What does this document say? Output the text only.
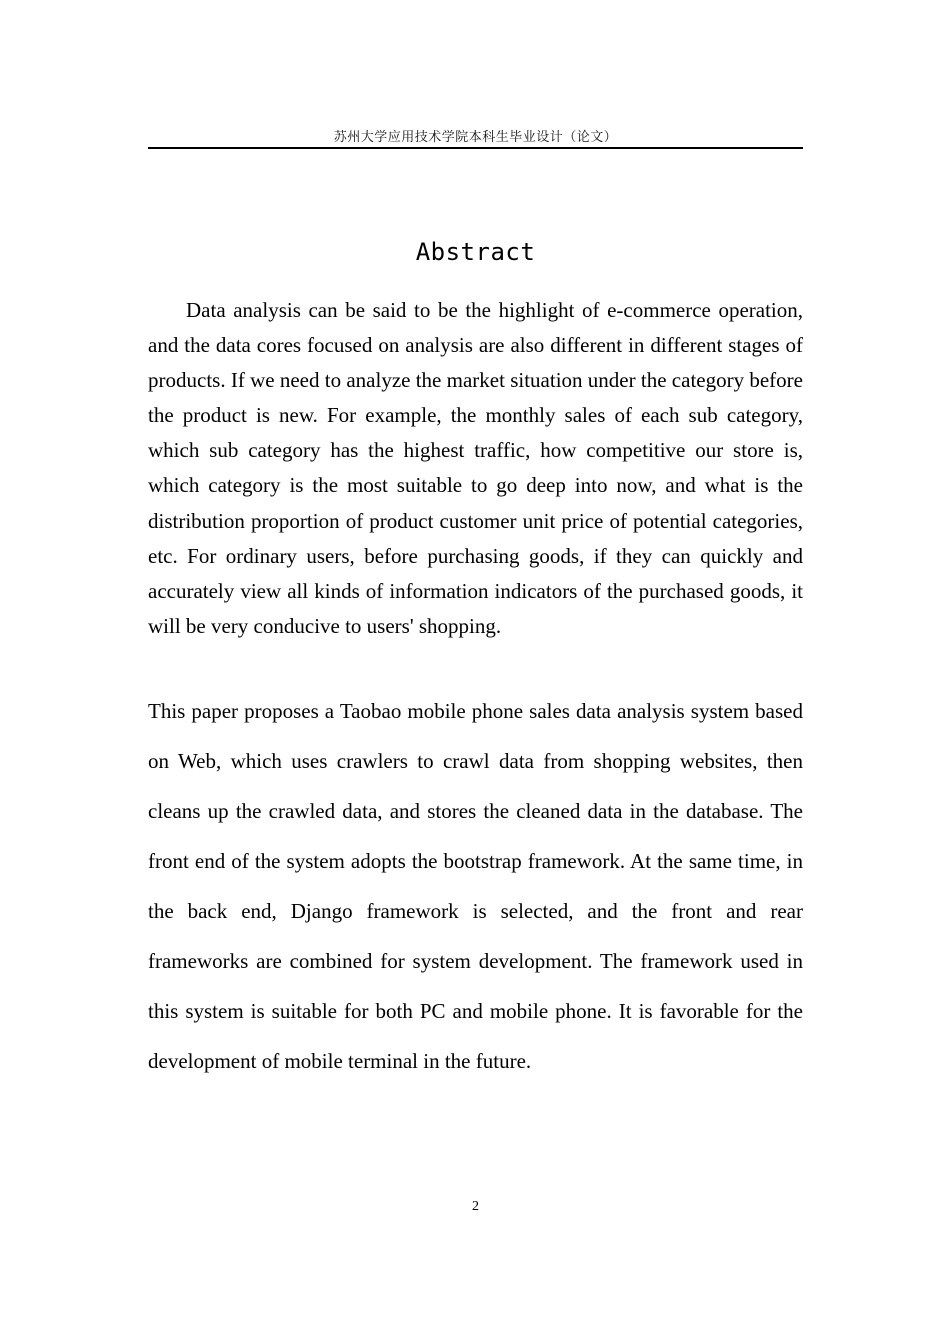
苏州大学应用技术学院本科生毕业设计（论文）
Abstract

Data analysis can be said to be the highlight of e-commerce operation, and the data cores focused on analysis are also different in different stages of products. If we need to analyze the market situation under the category before the product is new. For example, the monthly sales of each sub category, which sub category has the highest traffic, how competitive our store is, which category is the most suitable to go deep into now, and what is the distribution proportion of product customer unit price of potential categories, etc. For ordinary users, before purchasing goods, if they can quickly and accurately view all kinds of information indicators of the purchased goods, it will be very conducive to users' shopping.

This paper proposes a Taobao mobile phone sales data analysis system based on Web, which uses crawlers to crawl data from shopping websites, then cleans up the crawled data, and stores the cleaned data in the database. The front end of the system adopts the bootstrap framework. At the same time, in the back end, Django framework is selected, and the front and rear frameworks are combined for system development. The framework used in this system is suitable for both PC and mobile phone. It is favorable for the development of mobile terminal in the future.

2
